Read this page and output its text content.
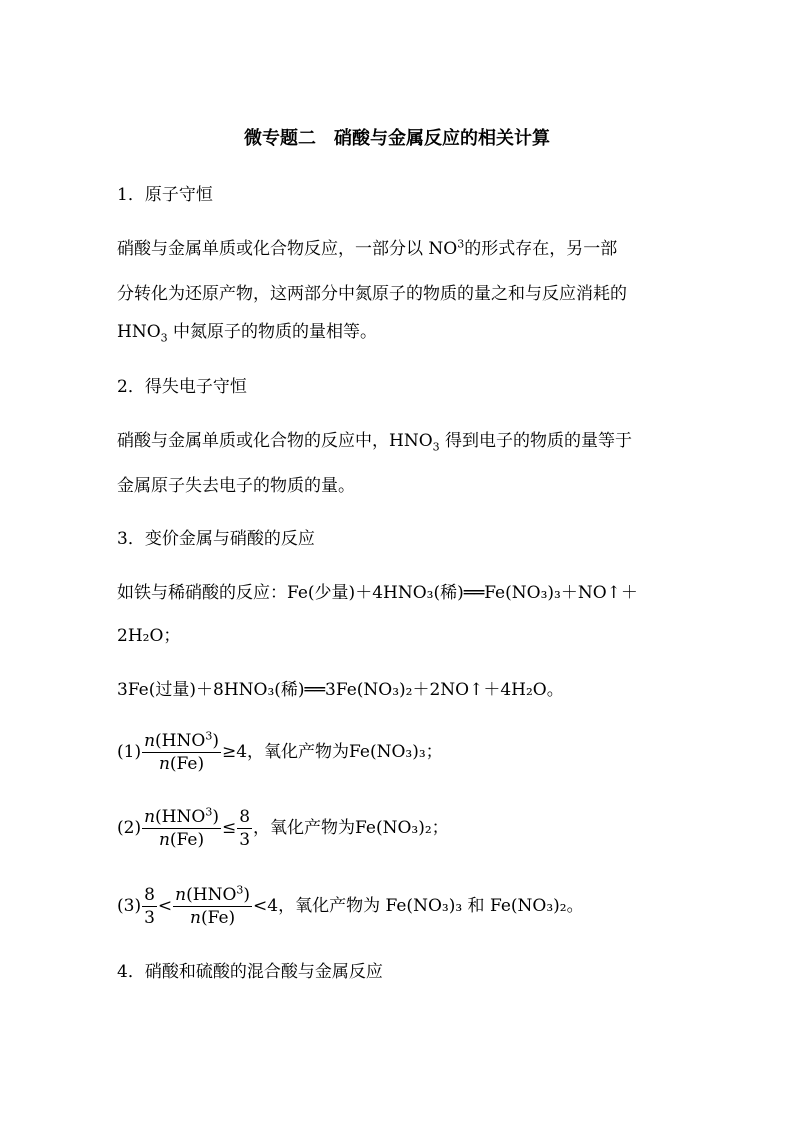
微专题二　硝酸与金属反应的相关计算
1．原子守恒
硝酸与金属单质或化合物反应，一部分以 $NO^3$的形式存在，另一部
分转化为还原产物，这两部分中氮原子的物质的量之和与反应消耗的
$HNO_3$ 中氮原子的物质的量相等。
2．得失电子守恒
硝酸与金属单质或化合物的反应中，$HNO_3$ 得到电子的物质的量等于
金属原子失去电子的物质的量。
3．变价金属与硝酸的反应
如铁与稀硝酸的反应：Fe(少量)＋4HNO₃(稀)══Fe(NO₃)₃＋NO↑＋
2H₂O；
3Fe(过量)＋8HNO₃(稀)══3Fe(NO₃)₂＋2NO↑＋4H₂O。
$(1) \frac{n(HNO^3)}{n(Fe)} \ge 4$，氧化产物为Fe(NO₃)₃；
$(2) \frac{n(HNO^3)}{n(Fe)} \le \frac{8}{3}$ ，氧化产物为Fe(NO₃)₂；
$(3) \frac{8}{3} < \frac{n(HNO^3)}{n(Fe)} <4$，氧化产物为 Fe(NO₃)₃ 和 Fe(NO₃)₂。
4．硝酸和硫酸的混合酸与金属反应
